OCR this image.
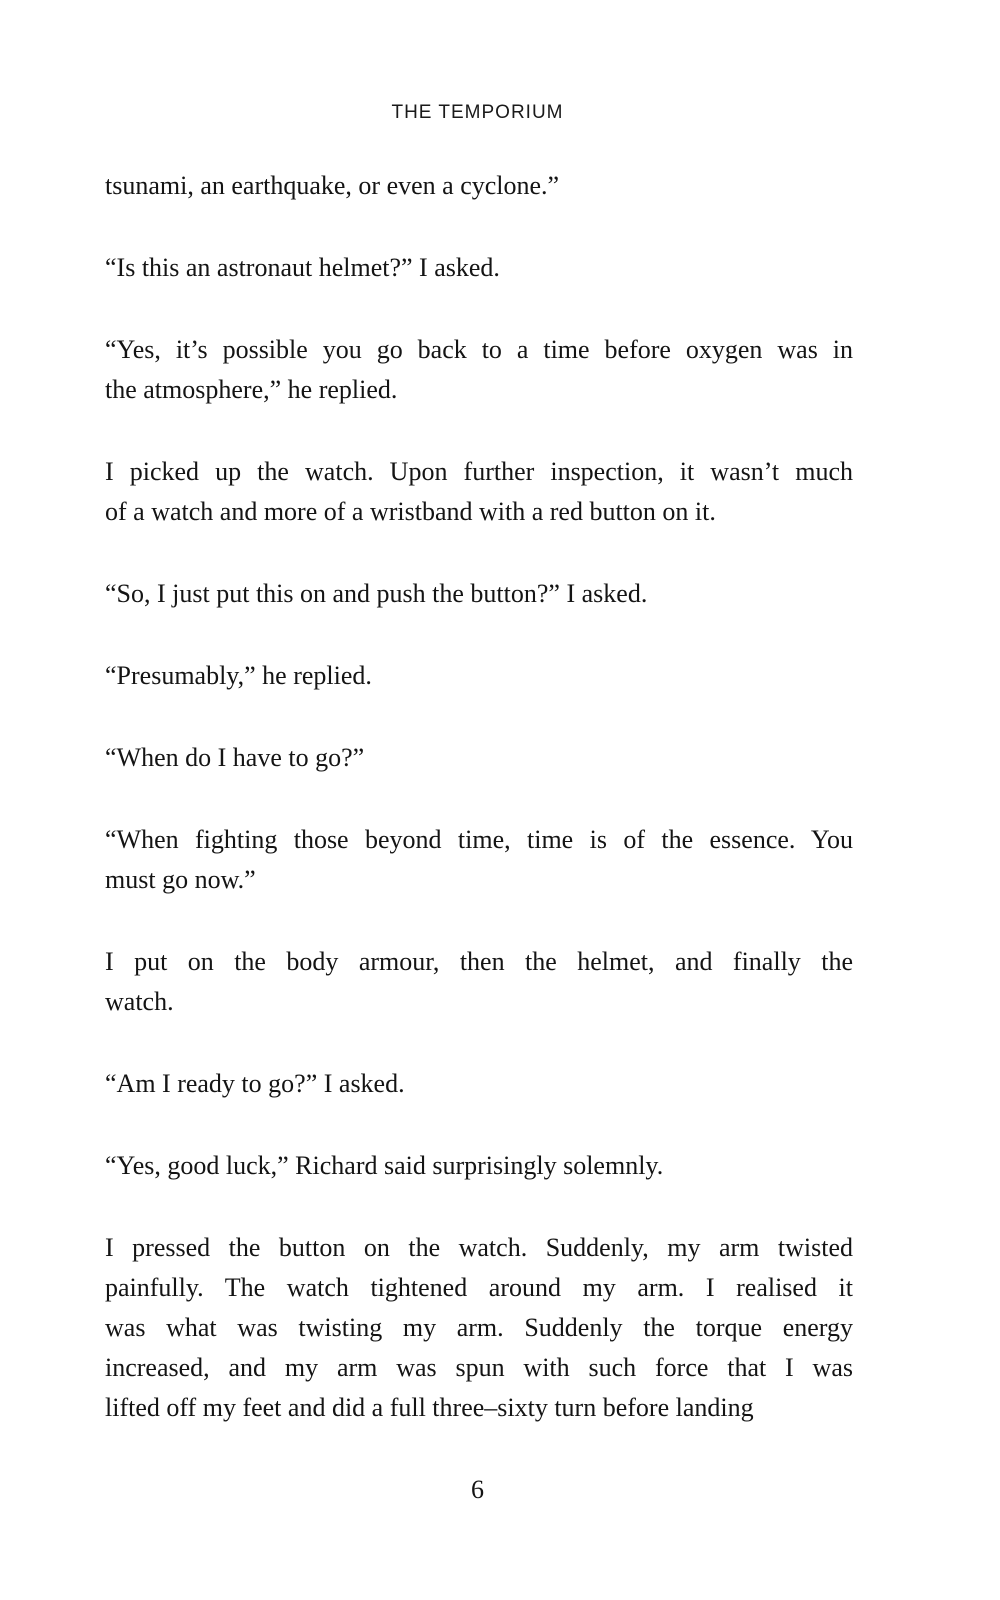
THE TEMPORIUM
tsunami, an earthquake, or even a cyclone.”
“Is this an astronaut helmet?” I asked.
“Yes, it’s possible you go back to a time before oxygen was in
the atmosphere,” he replied.
I picked up the watch. Upon further inspection, it wasn’t much
of a watch and more of a wristband with a red button on it.
“So, I just put this on and push the button?” I asked.
“Presumably,” he replied.
“When do I have to go?”
“When fighting those beyond time, time is of the essence. You
must go now.”
I put on the body armour, then the helmet, and finally the
watch.
“Am I ready to go?” I asked.
“Yes, good luck,” Richard said surprisingly solemnly.
I pressed the button on the watch. Suddenly, my arm twisted
painfully. The watch tightened around my arm. I realised it
was what was twisting my arm. Suddenly the torque energy
increased, and my arm was spun with such force that I was
lifted off my feet and did a full three–sixty turn before landing
6
